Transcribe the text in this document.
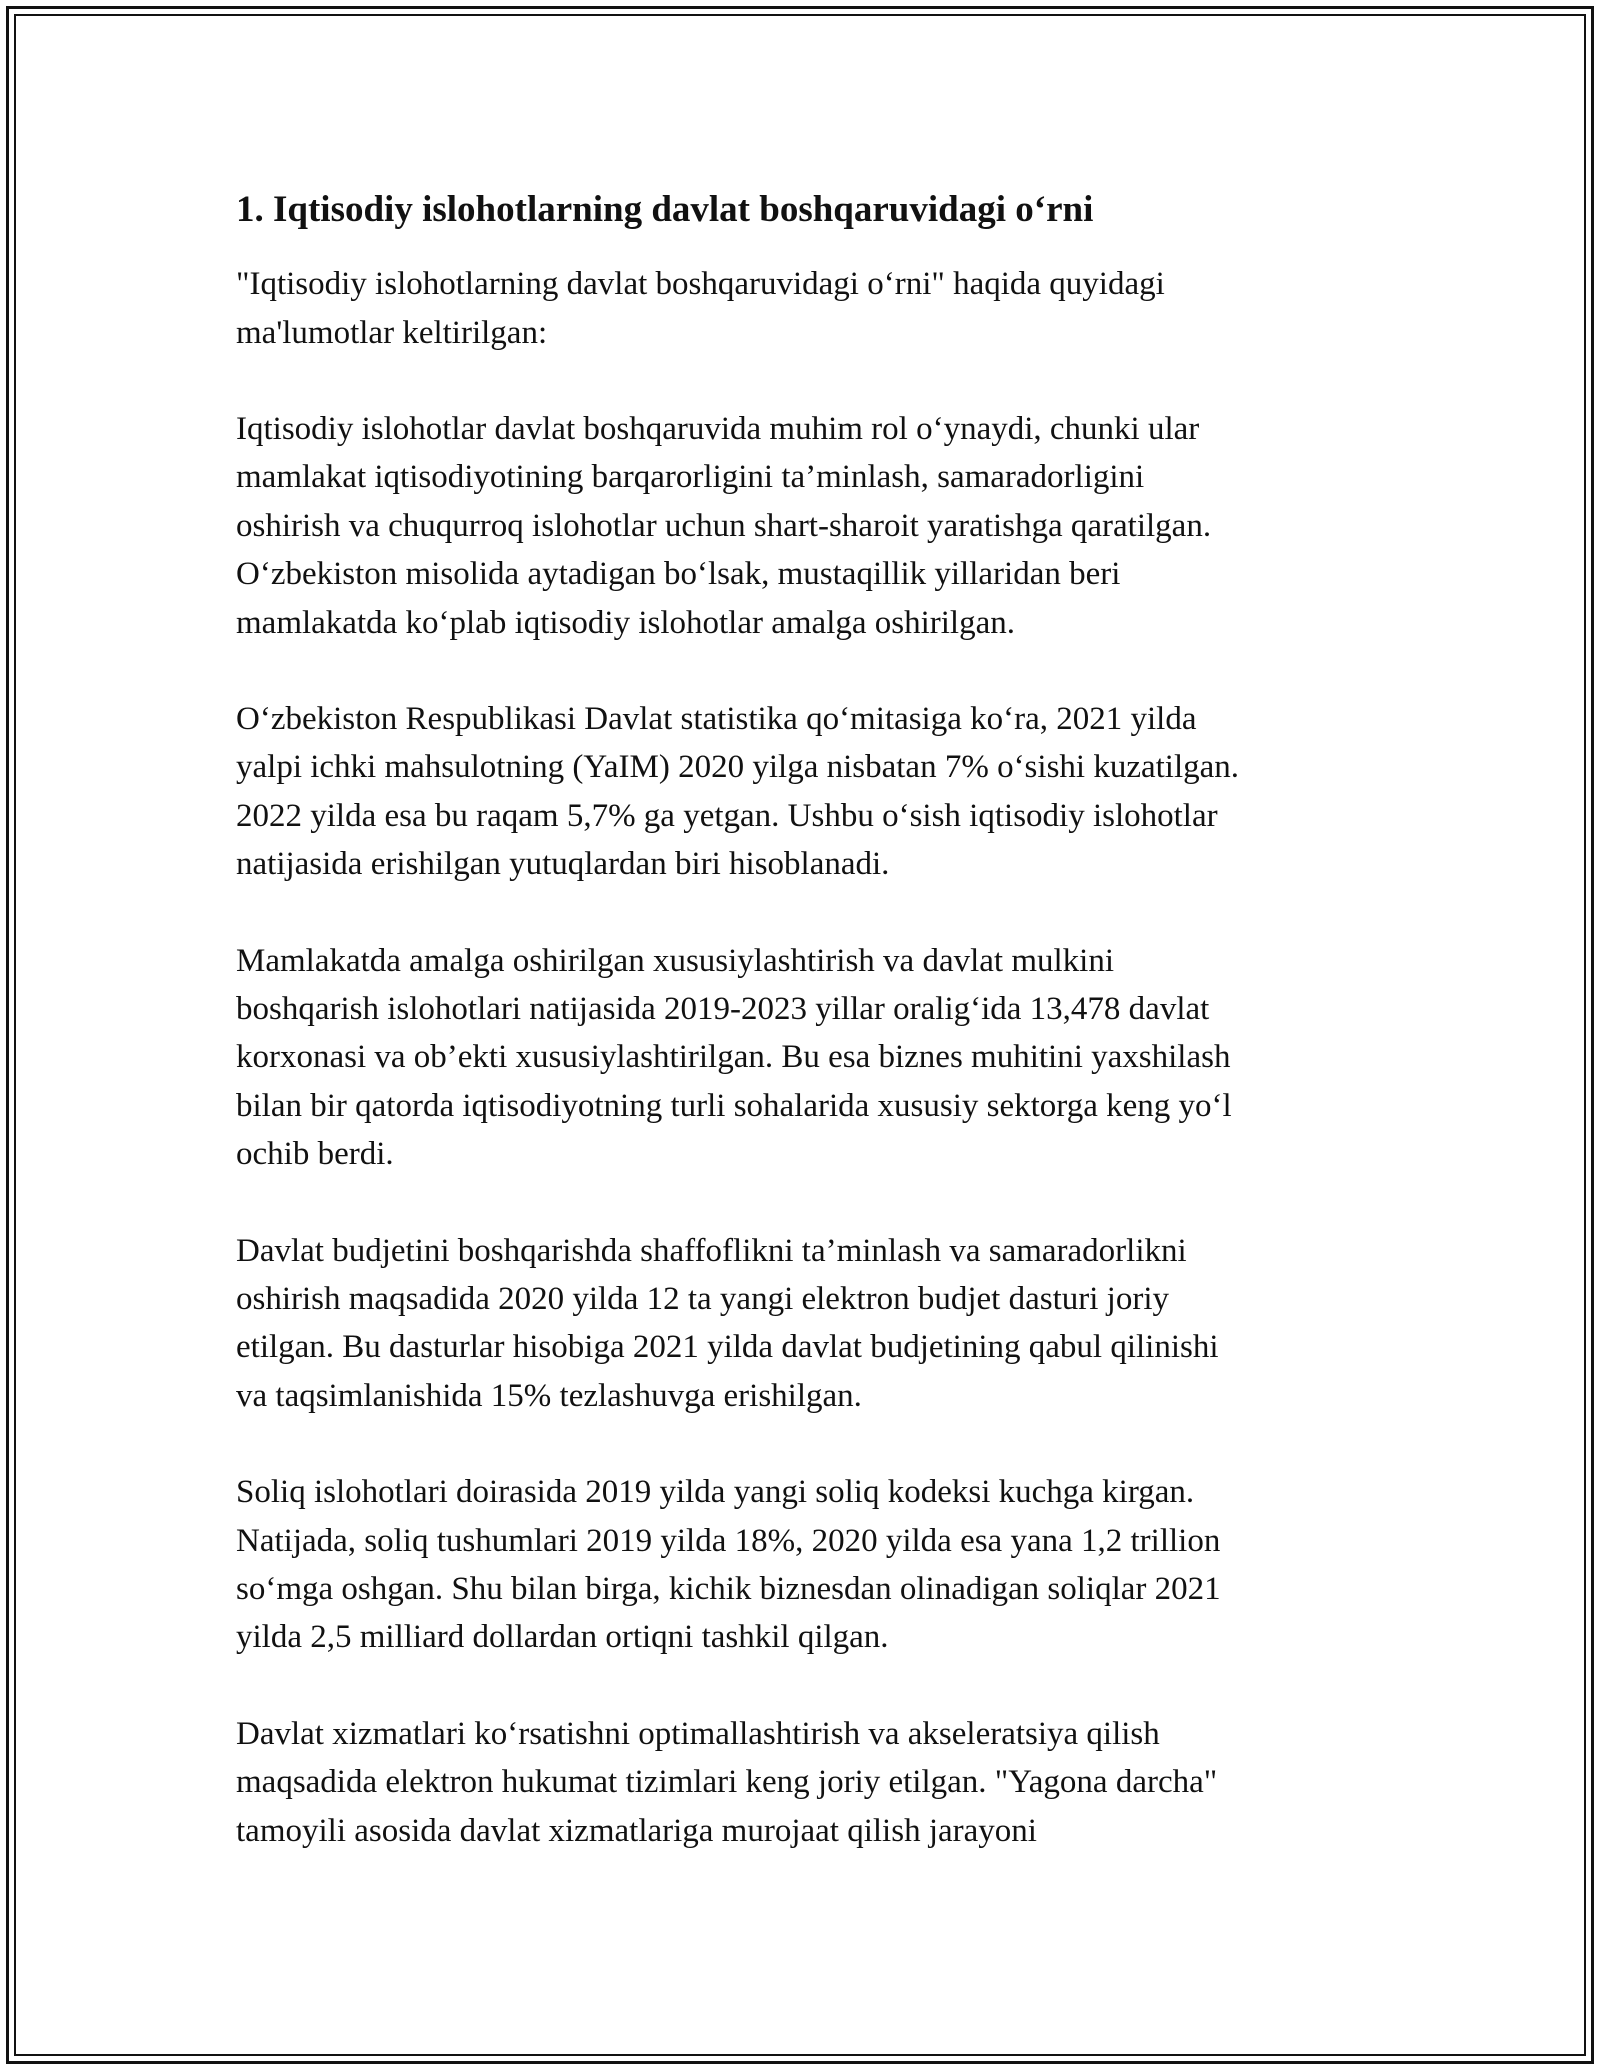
1. Iqtisodiy islohotlarning davlat boshqaruvidagi o‘rni

"Iqtisodiy islohotlarning davlat boshqaruvidagi o‘rni" haqida quyidagi
ma'lumotlar keltirilgan:

Iqtisodiy islohotlar davlat boshqaruvida muhim rol o‘ynaydi, chunki ular
mamlakat iqtisodiyotining barqarorligini ta’minlash, samaradorligini
oshirish va chuqurroq islohotlar uchun shart-sharoit yaratishga qaratilgan.
O‘zbekiston misolida aytadigan bo‘lsak, mustaqillik yillaridan beri
mamlakatda ko‘plab iqtisodiy islohotlar amalga oshirilgan.

O‘zbekiston Respublikasi Davlat statistika qo‘mitasiga ko‘ra, 2021 yilda
yalpi ichki mahsulotning (YaIM) 2020 yilga nisbatan 7% o‘sishi kuzatilgan.
2022 yilda esa bu raqam 5,7% ga yetgan. Ushbu o‘sish iqtisodiy islohotlar
natijasida erishilgan yutuqlardan biri hisoblanadi.

Mamlakatda amalga oshirilgan xususiylashtirish va davlat mulkini
boshqarish islohotlari natijasida 2019-2023 yillar oralig‘ida 13,478 davlat
korxonasi va ob’ekti xususiylashtirilgan. Bu esa biznes muhitini yaxshilash
bilan bir qatorda iqtisodiyotning turli sohalarida xususiy sektorga keng yo‘l
ochib berdi.

Davlat budjetini boshqarishda shaffoflikni ta’minlash va samaradorlikni
oshirish maqsadida 2020 yilda 12 ta yangi elektron budjet dasturi joriy
etilgan. Bu dasturlar hisobiga 2021 yilda davlat budjetining qabul qilinishi
va taqsimlanishida 15% tezlashuvga erishilgan.

Soliq islohotlari doirasida 2019 yilda yangi soliq kodeksi kuchga kirgan.
Natijada, soliq tushumlari 2019 yilda 18%, 2020 yilda esa yana 1,2 trillion
so‘mga oshgan. Shu bilan birga, kichik biznesdan olinadigan soliqlar 2021
yilda 2,5 milliard dollardan ortiqni tashkil qilgan.

Davlat xizmatlari ko‘rsatishni optimallashtirish va akseleratsiya qilish
maqsadida elektron hukumat tizimlari keng joriy etilgan. "Yagona darcha"
tamoyili asosida davlat xizmatlariga murojaat qilish jarayoni
